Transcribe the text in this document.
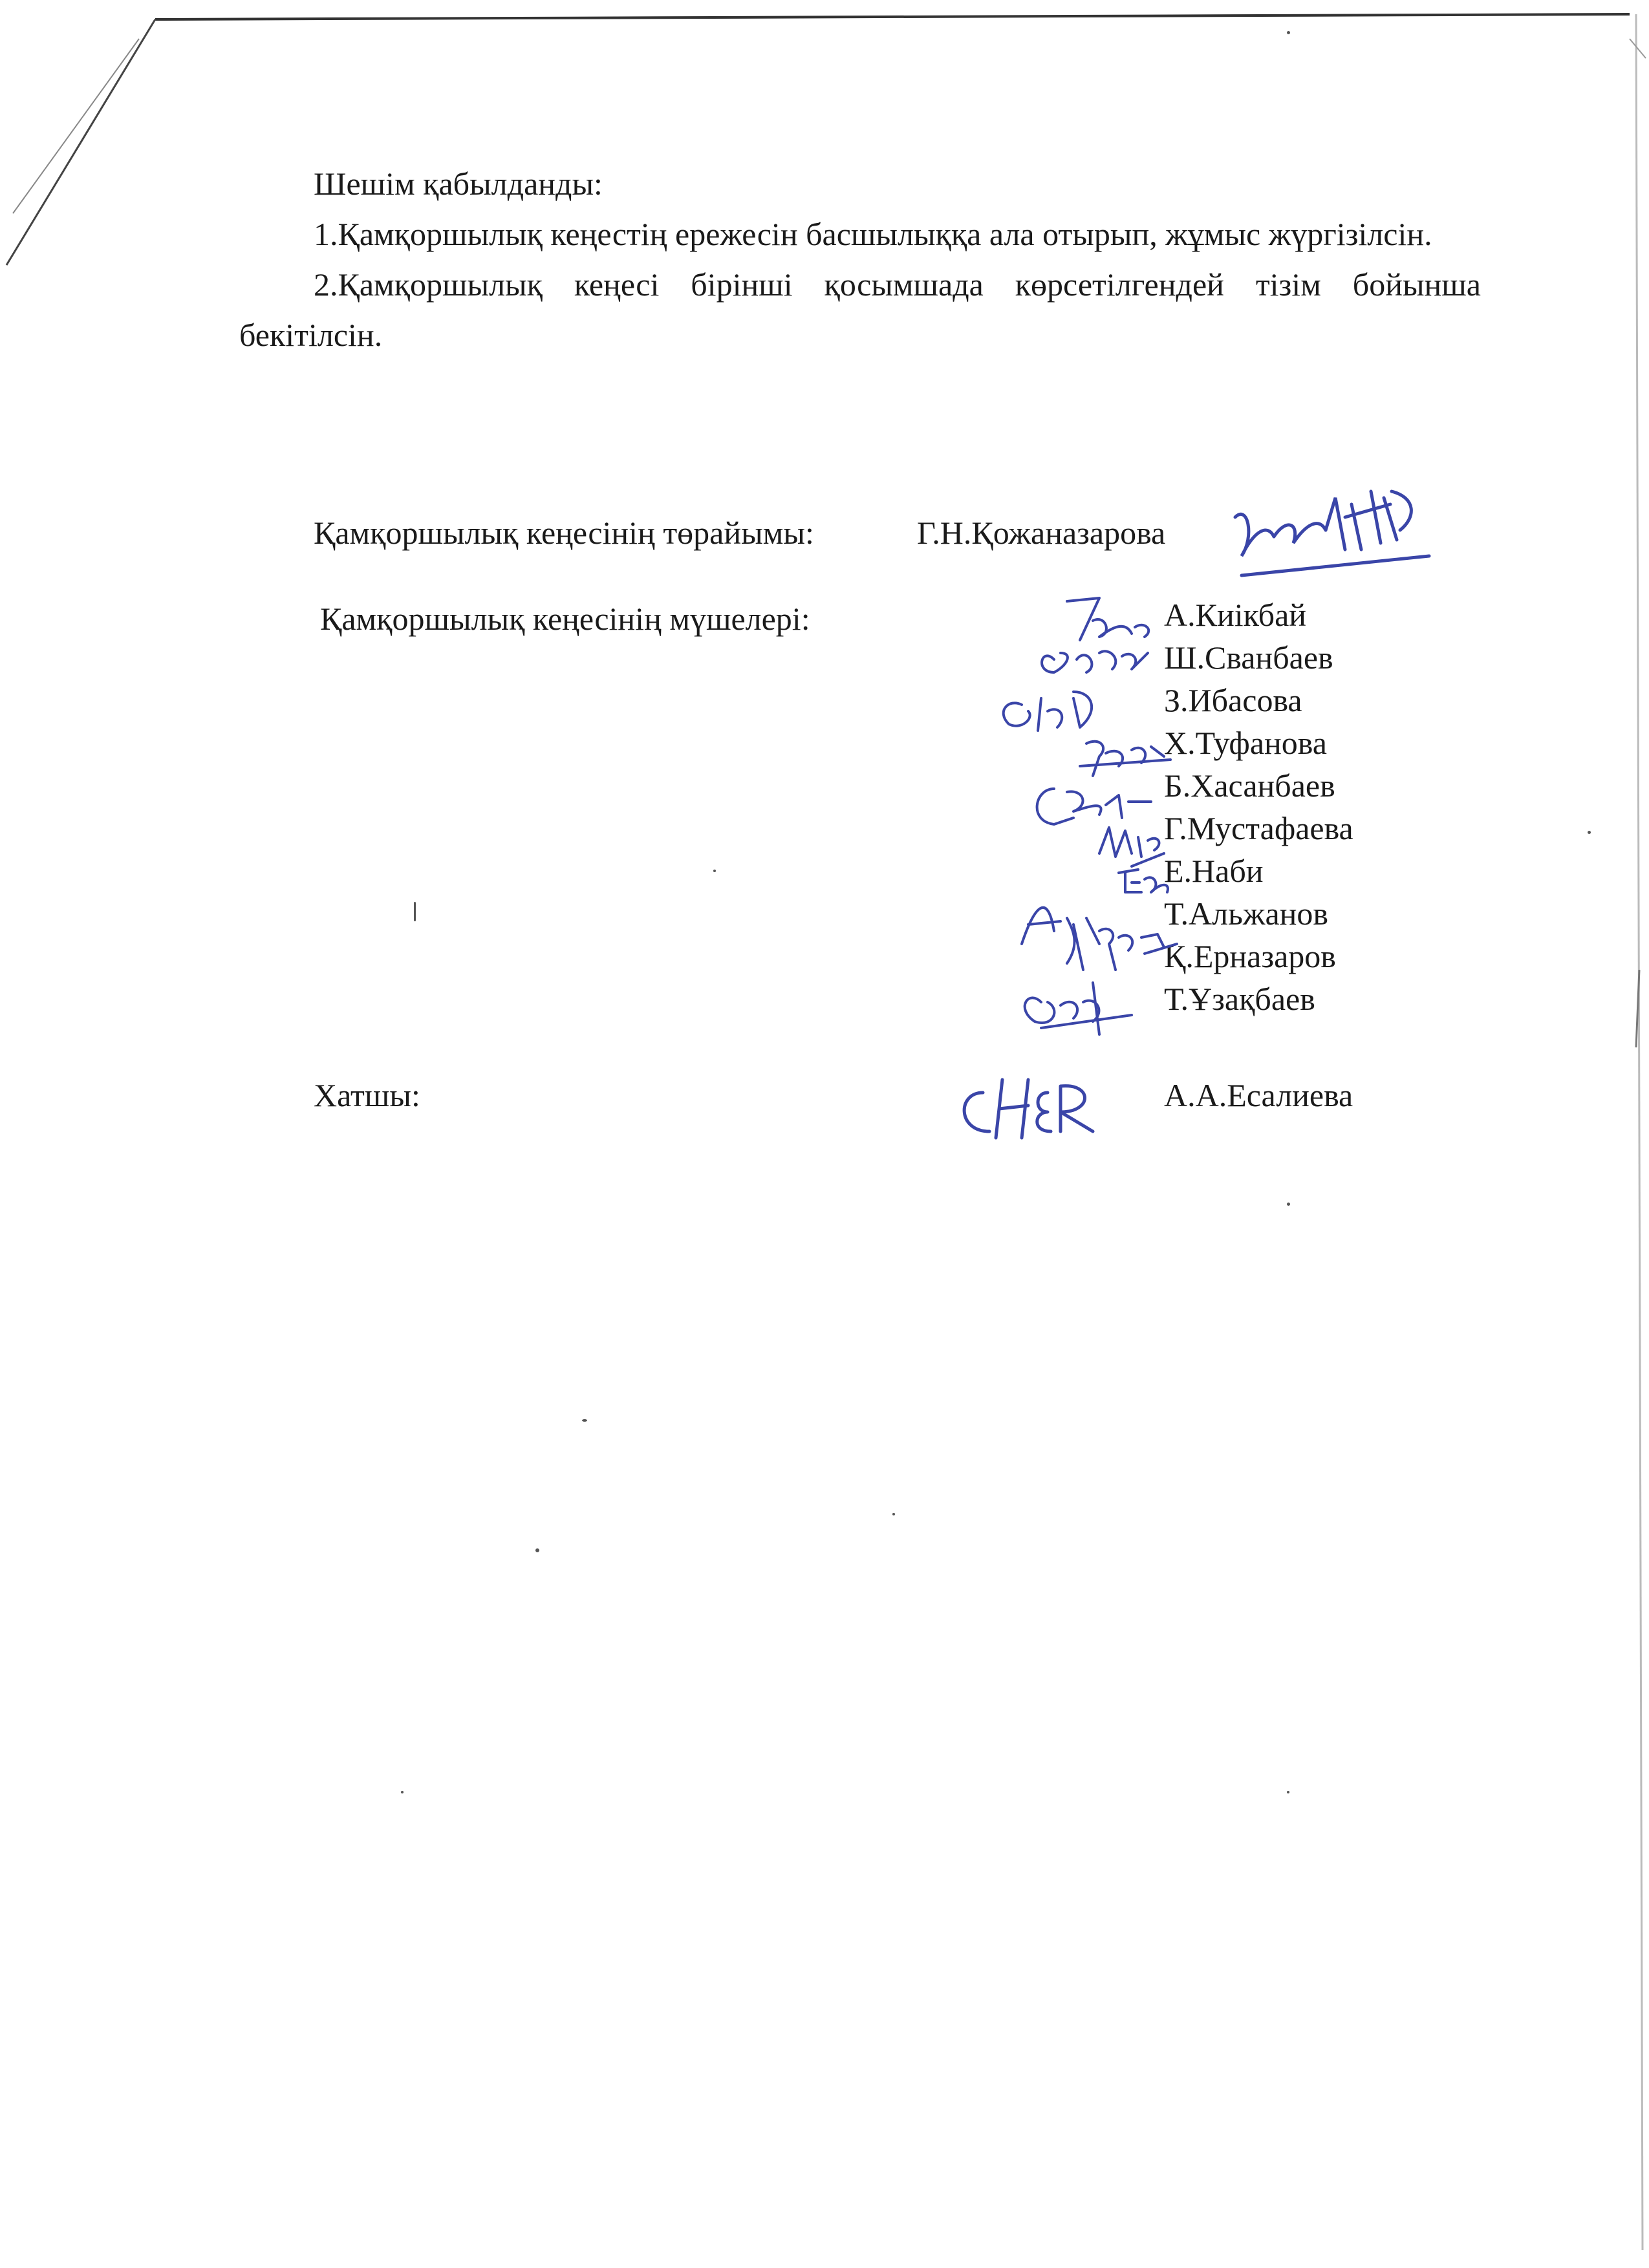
Шешім қабылданды:

1.Қамқоршылық кеңестің ережесін басшылыққа ала отырып, жұмыс жүргізілсін.

2.Қамқоршылық кеңесі бірінші қосымшада көрсетілгендей тізім бойынша бекітілсін.

Қамқоршылық кеңесінің төрайымы:	Г.Н.Қожаназарова
Қамқоршылық кеңесінің мүшелері:	А.Киікбай
Ш.Сванбаев
З.Ибасова
Х.Туфанова
Б.Хасанбаев
Г.Мустафаева
Е.Наби
Т.Альжанов
Қ.Ерназаров
Т.Ұзақбаев
Хатшы:	А.А.Есалиева
